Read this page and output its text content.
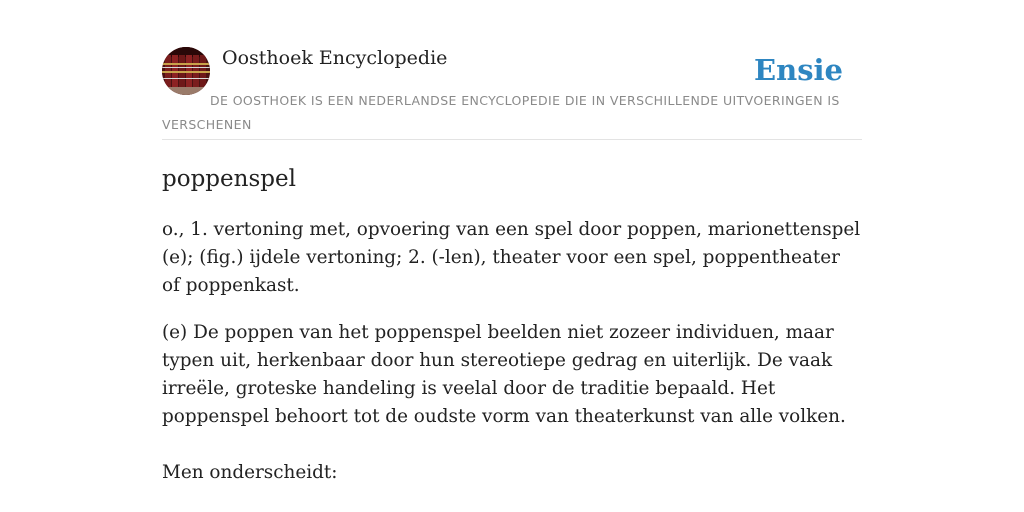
Oosthoek Encyclopedie	Ensie
DE OOSTHOEK IS EEN NEDERLANDSE ENCYCLOPEDIE DIE IN VERSCHILLENDE UITVOERINGEN IS VERSCHENEN
poppenspel

o., 1. vertoning met, opvoering van een spel door poppen, marionettenspel (e); (fig.) ijdele vertoning; 2. (-len), theater voor een spel, poppentheater of poppenkast.

(e) De poppen van het poppenspel beelden niet zozeer individuen, maar typen uit, herkenbaar door hun stereotiepe gedrag en uiterlijk. De vaak irreële, groteske handeling is veelal door de traditie bepaald. Het poppenspel behoort tot de oudste vorm van theaterkunst van alle volken.

Men onderscheidt:
